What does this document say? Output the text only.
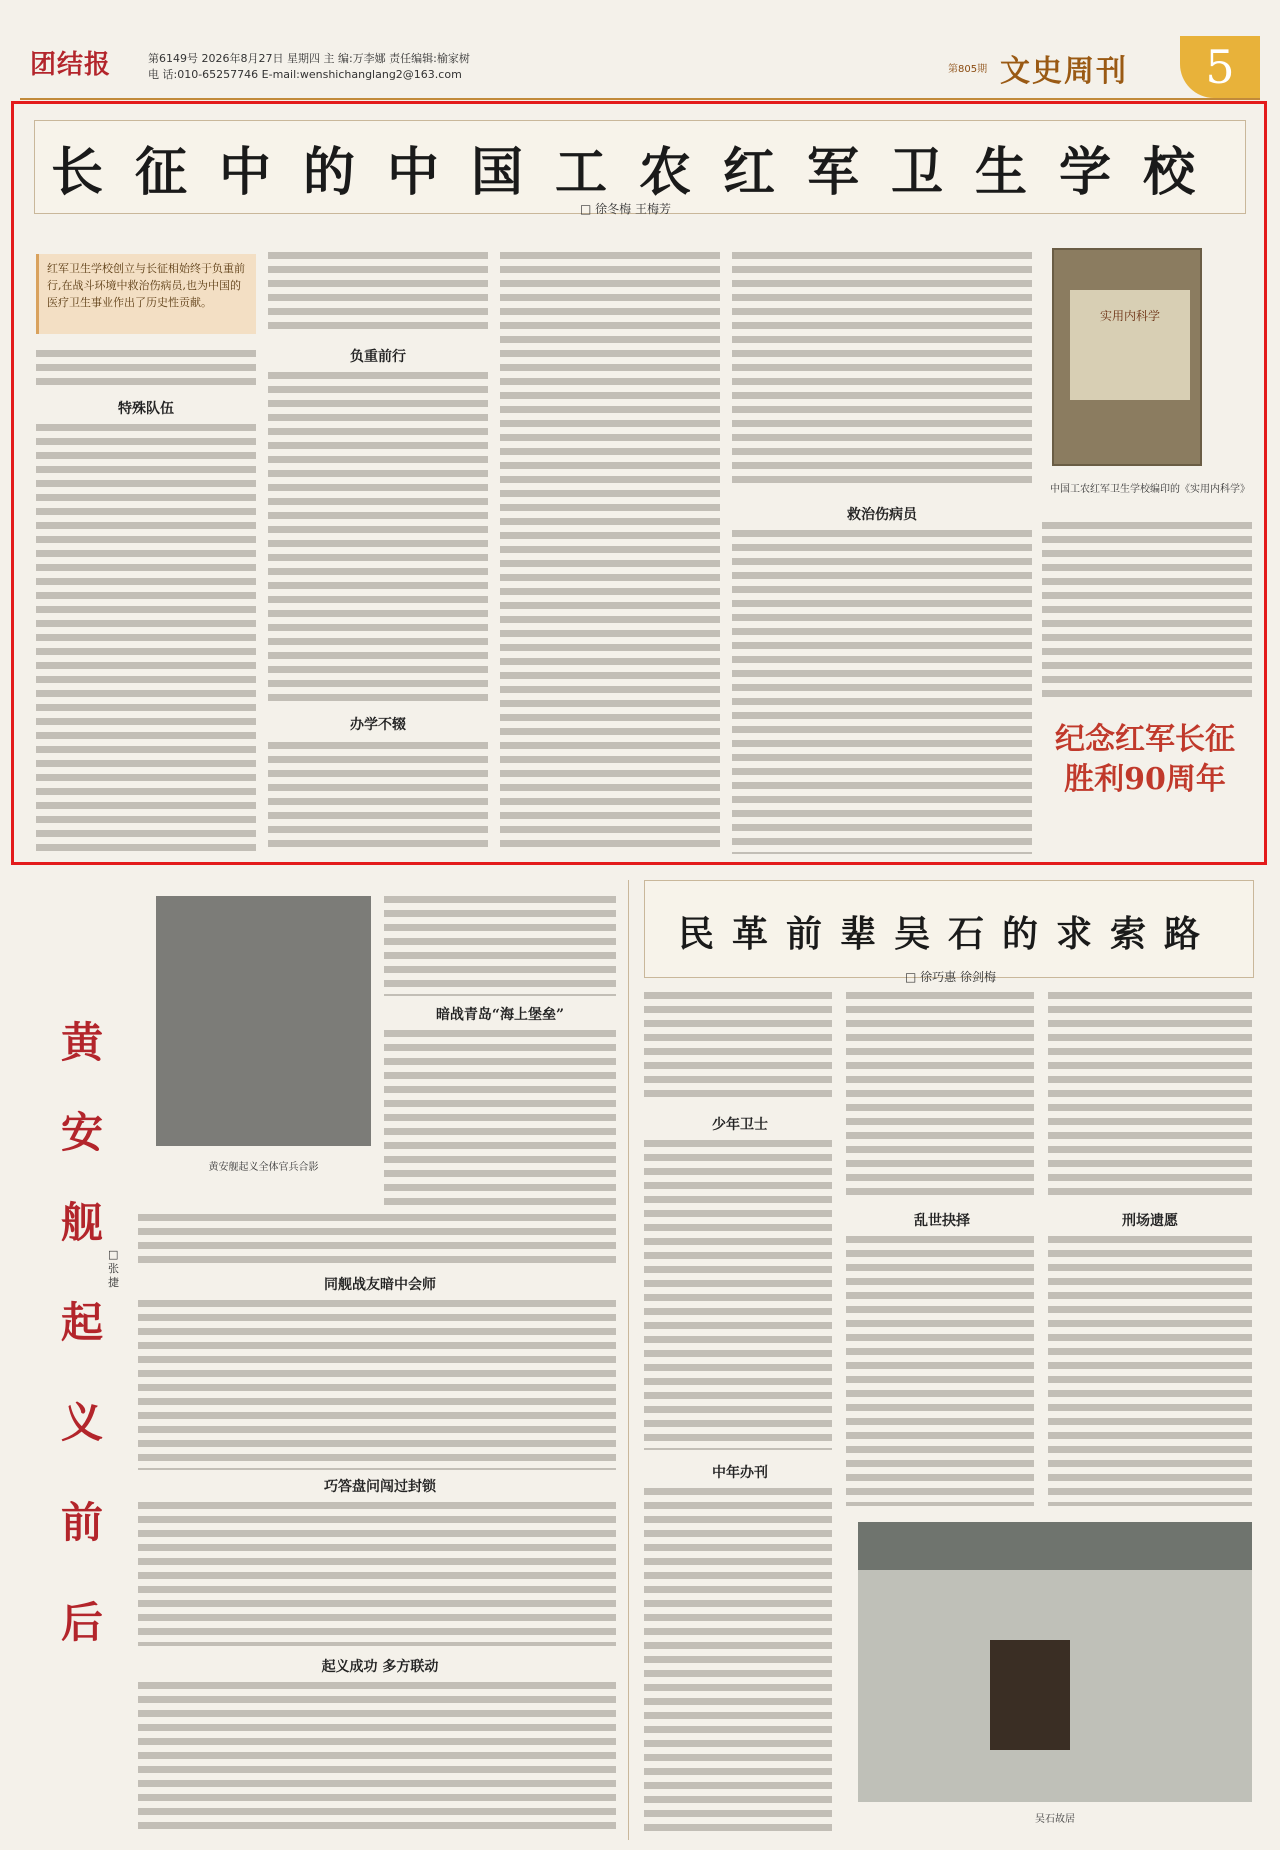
团结报	第6149号 2026年8月27日 星期四 主 编:万李娜 责任编辑:榆家树
电 话:010-65257746 E-mail:wenshichanglang2@163.com	第805期 文史周刊	5
长征中的中国工农红军卫生学校
□ 徐冬梅 王梅芳
红军卫生学校创立与长征相始终于负重前行,在战斗环境中救治伤病员,也为中国的医疗卫生事业作出了历史性贡献。
特殊队伍
负重前行
办学不辍
救治伤病员
实用内科学
中国工农红军卫生学校编印的《实用内科学》
纪念红军长征
胜利90周年
黄
安
舰
起
义
前
后
□张捷
黄安舰起义全体官兵合影
暗战青岛“海上堡垒”
同舰战友暗中会师
巧答盘问闯过封锁
起义成功 多方联动
民革前辈吴石的求索路
□ 徐巧惠 徐剑梅
少年卫士
中年办刊
乱世抉择	刑场遗愿
吴石故居
